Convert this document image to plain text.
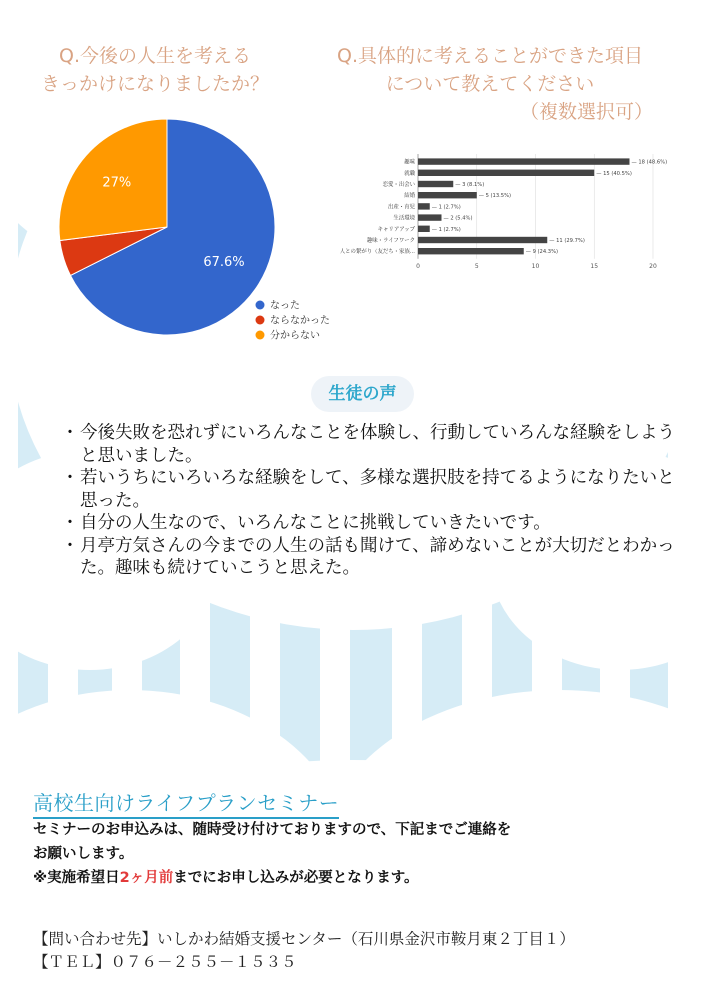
Q.今後の人生を考える
きっかけになりましたか？
Q.具体的に考えることができた項目
について教えてください
（複数選択可）
67.6%
27%
なった
ならなかった
分からない
0	5	10	15	20
趣味	— 18 (48.6%)
就職	— 15 (40.5%)
恋愛・出会い	— 3 (8.1%)
結婚	— 5 (13.5%)
出産・育児	— 1 (2.7%)
生活環境	— 2 (5.4%)
キャリアアップ	— 1 (2.7%)
趣味・ライフワーク	— 11 (29.7%)
人との繋がり（友だち・家族...	— 9 (24.3%)
生徒の声
・今後失敗を恐れずにいろんなことを体験し、行動していろんな経験をしようと思いました。
・若いうちにいろいろな経験をして、多様な選択肢を持てるようになりたいと思った。
・自分の人生なので、いろんなことに挑戦していきたいです。
・月亭方気さんの今までの人生の話も聞けて、諦めないことが大切だとわかった。趣味も続けていこうと思えた。
高校生向けライフプランセミナー
セミナーのお申込みは、随時受け付けておりますので、下記までご連絡を
お願いします。
※実施希望日2ヶ月前までにお申し込みが必要となります。
【問い合わせ先】いしかわ結婚支援センター（石川県金沢市鞍月東２丁目１）
【ＴＥＬ】０７６－２５５－１５３５
